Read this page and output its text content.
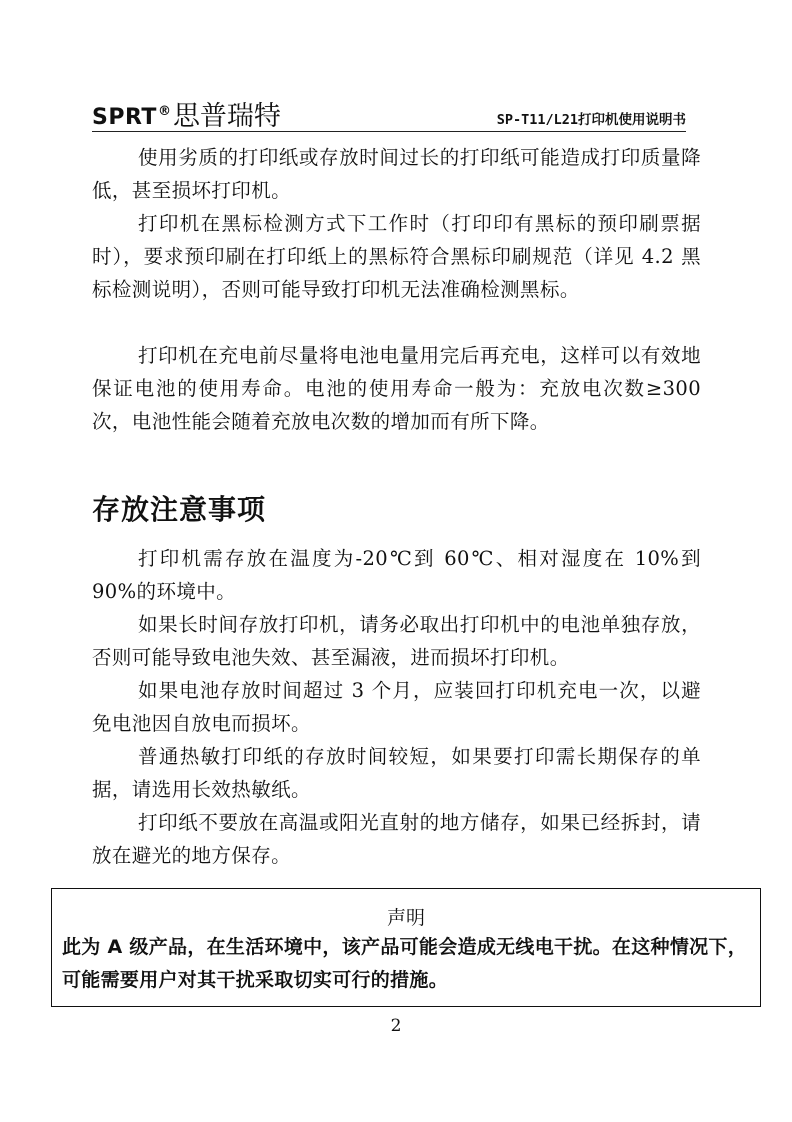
SPRT ® 思普瑞特	SP-T11/L21打印机使用说明书

使用劣质的打印纸或存放时间过长的打印纸可能造成打印质量降低，甚至损坏打印机。

打印机在黑标检测方式下工作时（打印印有黑标的预印刷票据时），要求预印刷在打印纸上的黑标符合黑标印刷规范（详见 4.2 黑标检测说明），否则可能导致打印机无法准确检测黑标。

打印机在充电前尽量将电池电量用完后再充电，这样可以有效地保证电池的使用寿命。电池的使用寿命一般为：充放电次数≥300 次，电池性能会随着充放电次数的增加而有所下降。

存放注意事项

打印机需存放在温度为-20℃到 60℃、相对湿度在 10%到 90%的环境中。

如果长时间存放打印机，请务必取出打印机中的电池单独存放，否则可能导致电池失效、甚至漏液，进而损坏打印机。

如果电池存放时间超过 3 个月，应装回打印机充电一次，以避免电池因自放电而损坏。

普通热敏打印纸的存放时间较短，如果要打印需长期保存的单据，请选用长效热敏纸。

打印纸不要放在高温或阳光直射的地方储存，如果已经拆封，请放在避光的地方保存。

声明

此为 A 级产品，在生活环境中，该产品可能会造成无线电干扰。在这种情况下，可能需要用户对其干扰采取切实可行的措施。

2
